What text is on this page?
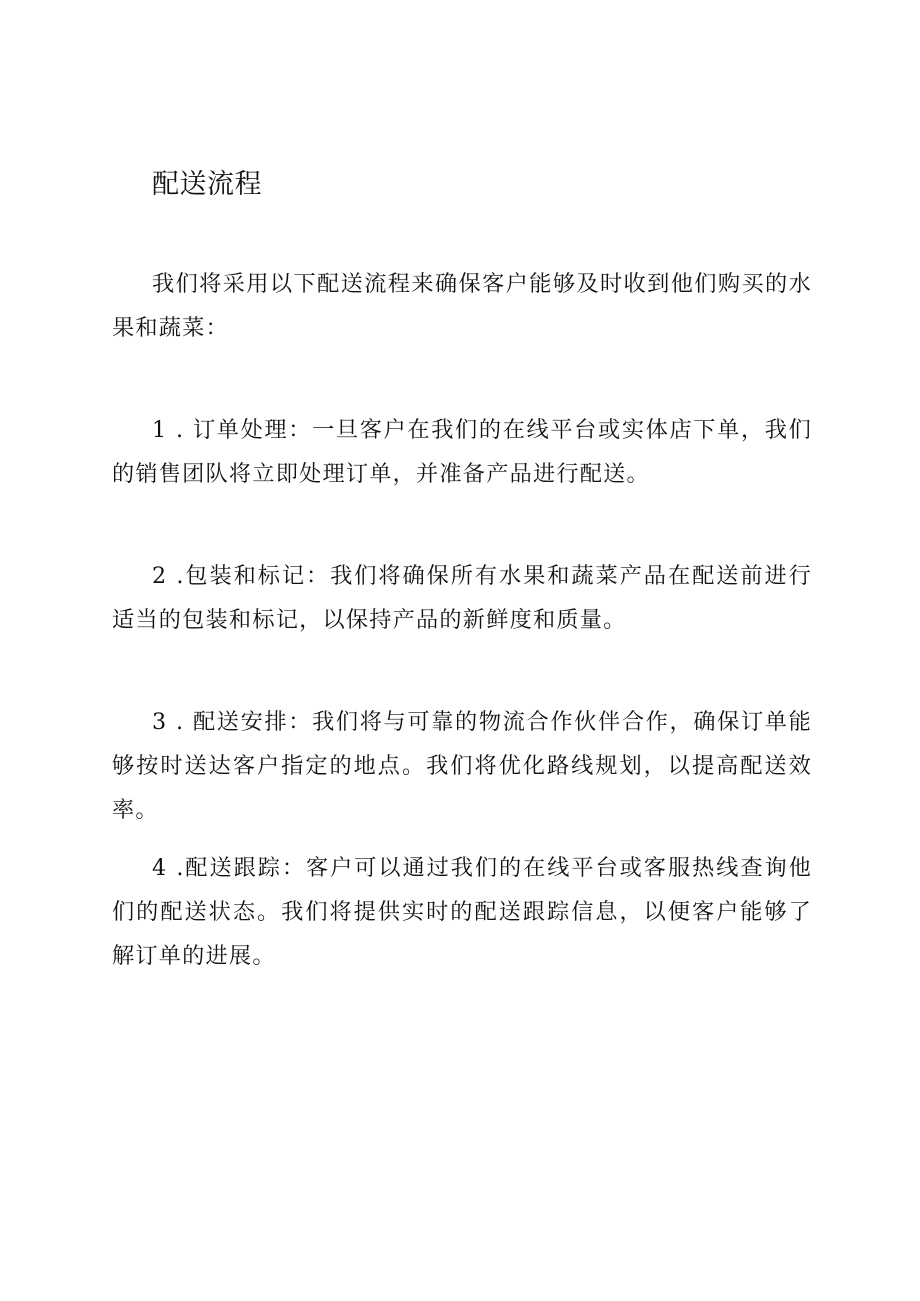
配送流程

我们将采用以下配送流程来确保客户能够及时收到他们购买的水果和蔬菜：

1 . 订单处理：一旦客户在我们的在线平台或实体店下单，我们的销售团队将立即处理订单，并准备产品进行配送。

2 .包装和标记：我们将确保所有水果和蔬菜产品在配送前进行适当的包装和标记，以保持产品的新鲜度和质量。

3 . 配送安排：我们将与可靠的物流合作伙伴合作，确保订单能够按时送达客户指定的地点。我们将优化路线规划，以提高配送效率。

4 .配送跟踪：客户可以通过我们的在线平台或客服热线查询他们的配送状态。我们将提供实时的配送跟踪信息，以便客户能够了解订单的进展。
